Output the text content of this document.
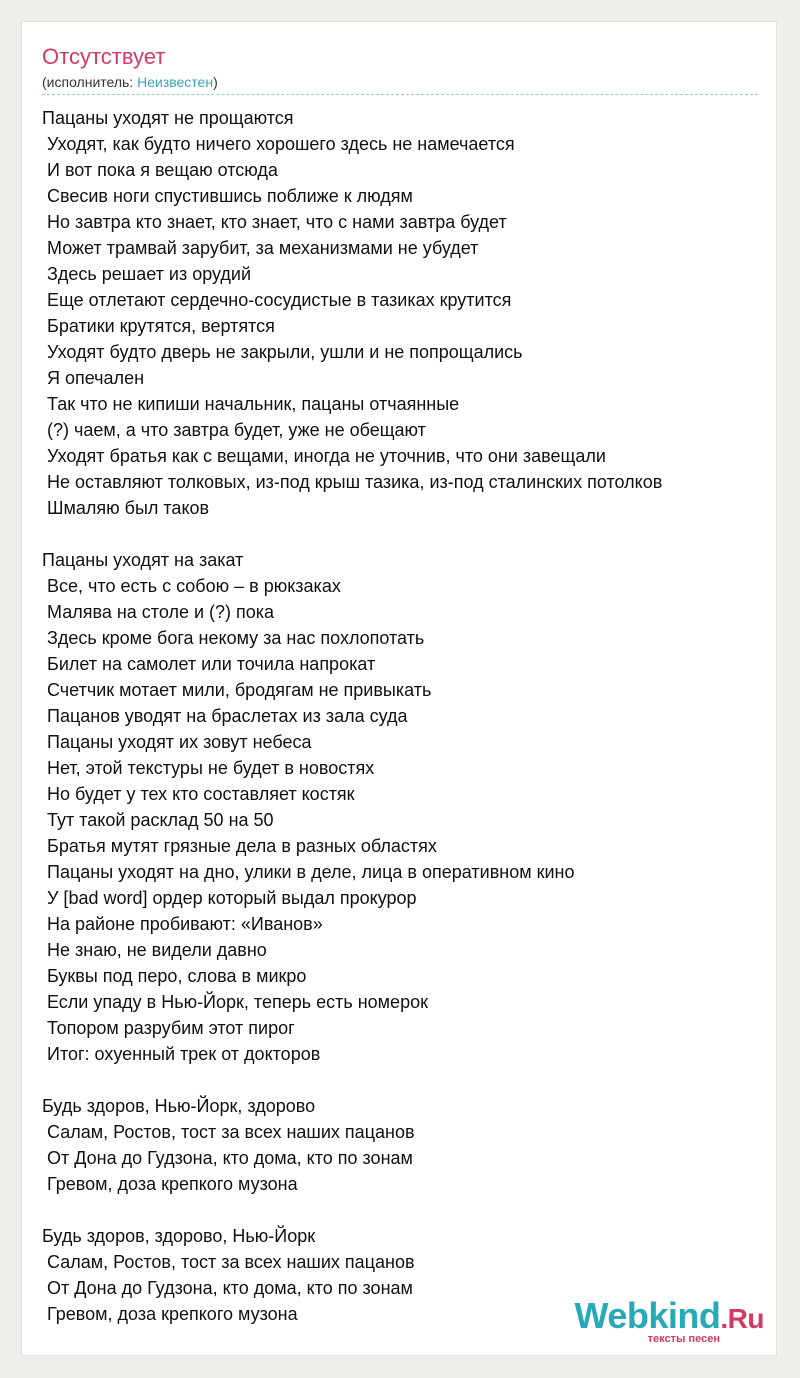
Отсутствует
(исполнитель: Неизвестен)
Пацаны уходят не прощаются
Уходят, как будто ничего хорошего здесь не намечается
И вот пока я вещаю отсюда
Свесив ноги спустившись поближе к людям
Но завтра кто знает, кто знает, что с нами завтра будет
Может трамвай зарубит, за механизмами не убудет
Здесь решает из орудий
Еще отлетают сердечно-сосудистые в тазиках крутится
Братики крутятся, вертятся
Уходят будто дверь не закрыли, ушли и не попрощались
Я опечален
Так что не кипиши начальник, пацаны отчаянные
(?) чаем, а что завтра будет, уже не обещают
Уходят братья как с вещами, иногда не уточнив, что они завещали
Не оставляют толковых, из-под крыш тазика, из-под сталинских потолков
Шмаляю был таков
Пацаны уходят на закат
Все, что есть с собою – в рюкзаках
Малява на столе и (?) пока
Здесь кроме бога некому за нас похлопотать
Билет на самолет или точила напрокат
Счетчик мотает мили, бродягам не привыкать
Пацанов уводят на браслетах из зала суда
Пацаны уходят их зовут небеса
Нет, этой текстуры не будет в новостях
Но будет у тех кто составляет костяк
Тут такой расклад 50 на 50
Братья мутят грязные дела в разных областях
Пацаны уходят на дно, улики в деле, лица в оперативном кино
У [bad word] ордер который выдал прокурор
На районе пробивают: «Иванов»
Не знаю, не видели давно
Буквы под перо, слова в микро
Если упаду в Нью-Йорк, теперь есть номерок
Топором разрубим этот пирог
Итог: охуенный трек от докторов
Будь здоров, Нью-Йорк, здорово
Салам, Ростов, тост за всех наших пацанов
От Дона до Гудзона, кто дома, кто по зонам
Гревом, доза крепкого музона
Будь здоров, здорово, Нью-Йорк
Салам, Ростов, тост за всех наших пацанов
От Дона до Гудзона, кто дома, кто по зонам
Гревом, доза крепкого музона	Webkind.Ru
тексты песен
